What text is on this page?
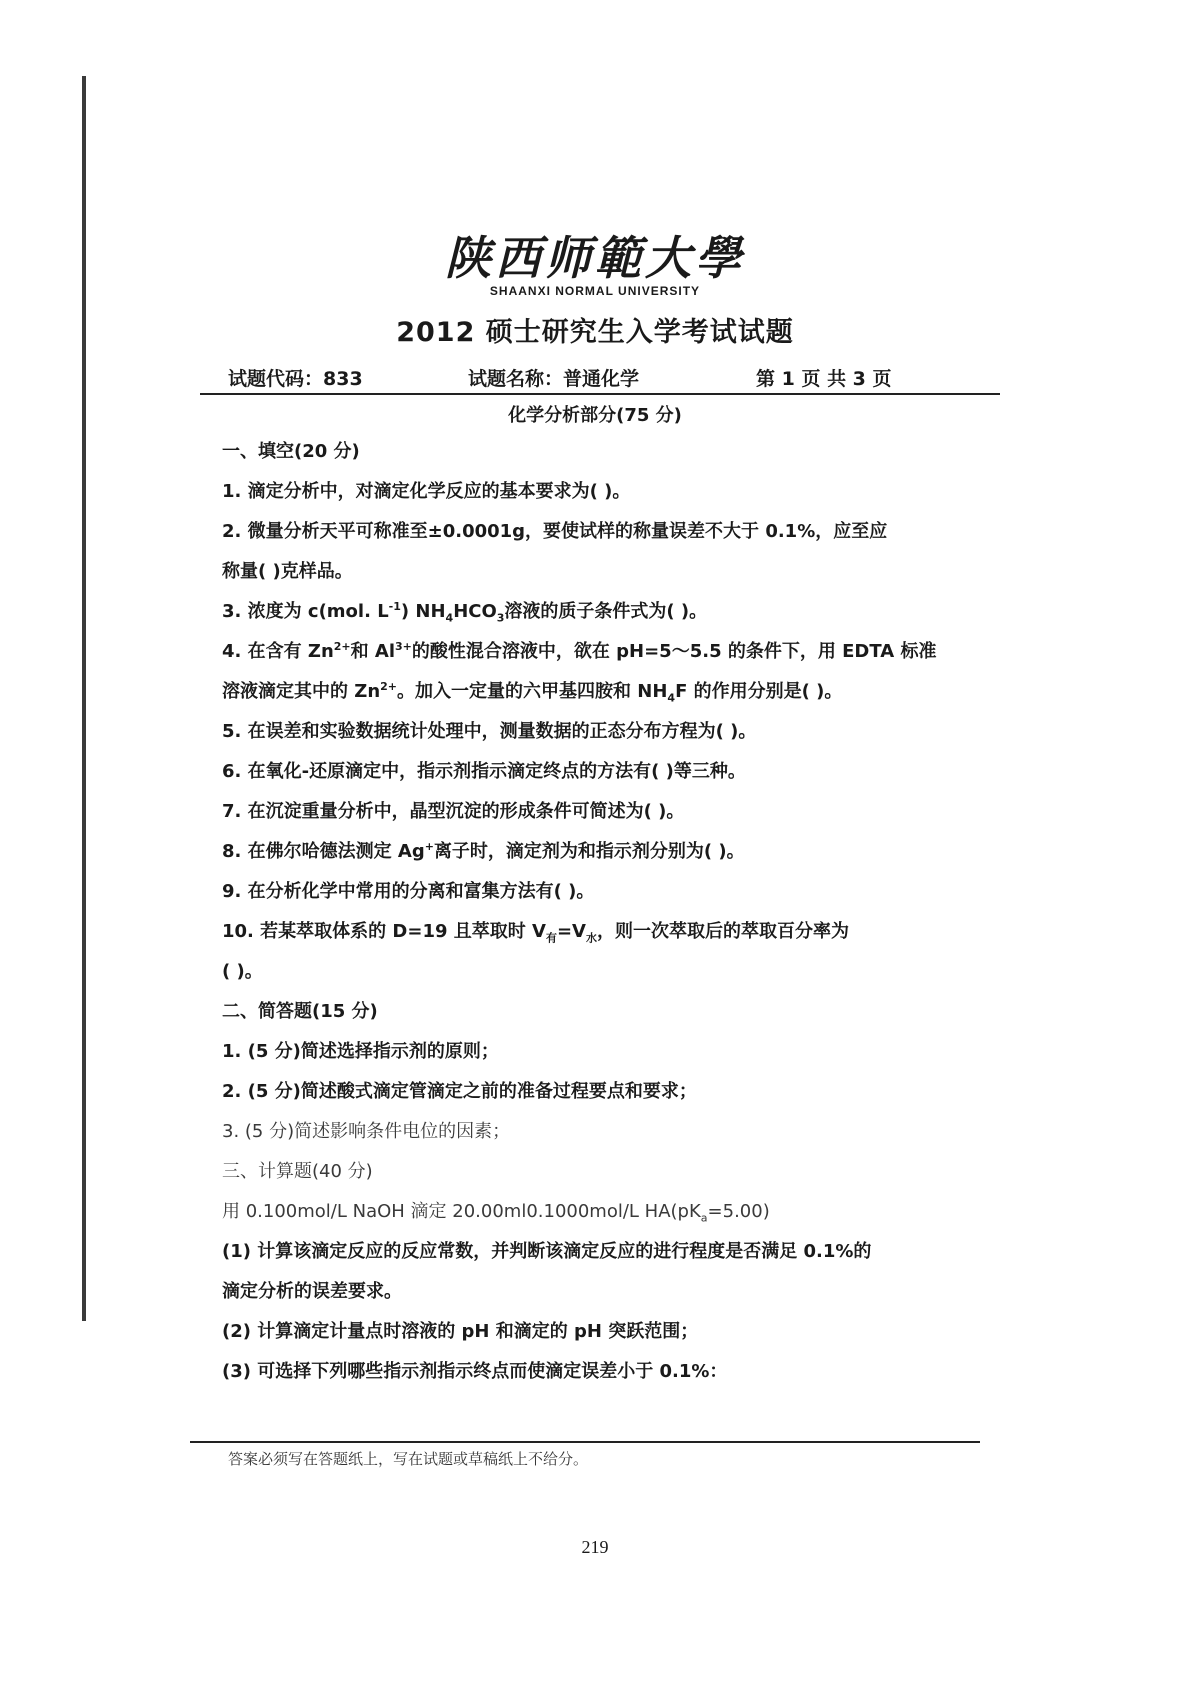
陕西师範大學
SHAANXI NORMAL UNIVERSITY
2012 硕士研究生入学考试试题
试题代码：833	试题名称：普通化学	第 1 页 共 3 页
化学分析部分(75 分)
一、填空(20 分)
1. 滴定分析中，对滴定化学反应的基本要求为( )。
2. 微量分析天平可称准至±0.0001g，要使试样的称量误差不大于 0.1%，应至应
称量( )克样品。
3. 浓度为 c(mol. $L^{-1}$) $NH_4HCO_3$溶液的质子条件式为( )。
4. 在含有 $Zn^{2+}$和 $Al^{3+}$的酸性混合溶液中，欲在 pH=5～5.5 的条件下，用 EDTA 标准
溶液滴定其中的 $Zn^{2+}$。加入一定量的六甲基四胺和 $NH_4F$ 的作用分别是( )。
5. 在误差和实验数据统计处理中，测量数据的正态分布方程为( )。
6. 在氧化-还原滴定中，指示剂指示滴定终点的方法有( )等三种。
7. 在沉淀重量分析中，晶型沉淀的形成条件可简述为( )。
8. 在佛尔哈德法测定 Ag+离子时，滴定剂为和指示剂分别为( )。
9. 在分析化学中常用的分离和富集方法有( )。
10. 若某萃取体系的 D=19 且萃取时 $V_有=V_水$，则一次萃取后的萃取百分率为
( )。
二、简答题(15 分)
1. (5 分)简述选择指示剂的原则；
2. (5 分)简述酸式滴定管滴定之前的准备过程要点和要求；
3. (5 分)简述影响条件电位的因素；
三、计算题(40 分)
用 0.100mol/L NaOH 滴定 20.00ml0.1000mol/L $HA(pK_a=5.00)$
(1) 计算该滴定反应的反应常数，并判断该滴定反应的进行程度是否满足 0.1%的
滴定分析的误差要求。
(2) 计算滴定计量点时溶液的 pH 和滴定的 pH 突跃范围；
(3) 可选择下列哪些指示剂指示终点而使滴定误差小于 0.1%：
答案必须写在答题纸上，写在试题或草稿纸上不给分。
219
